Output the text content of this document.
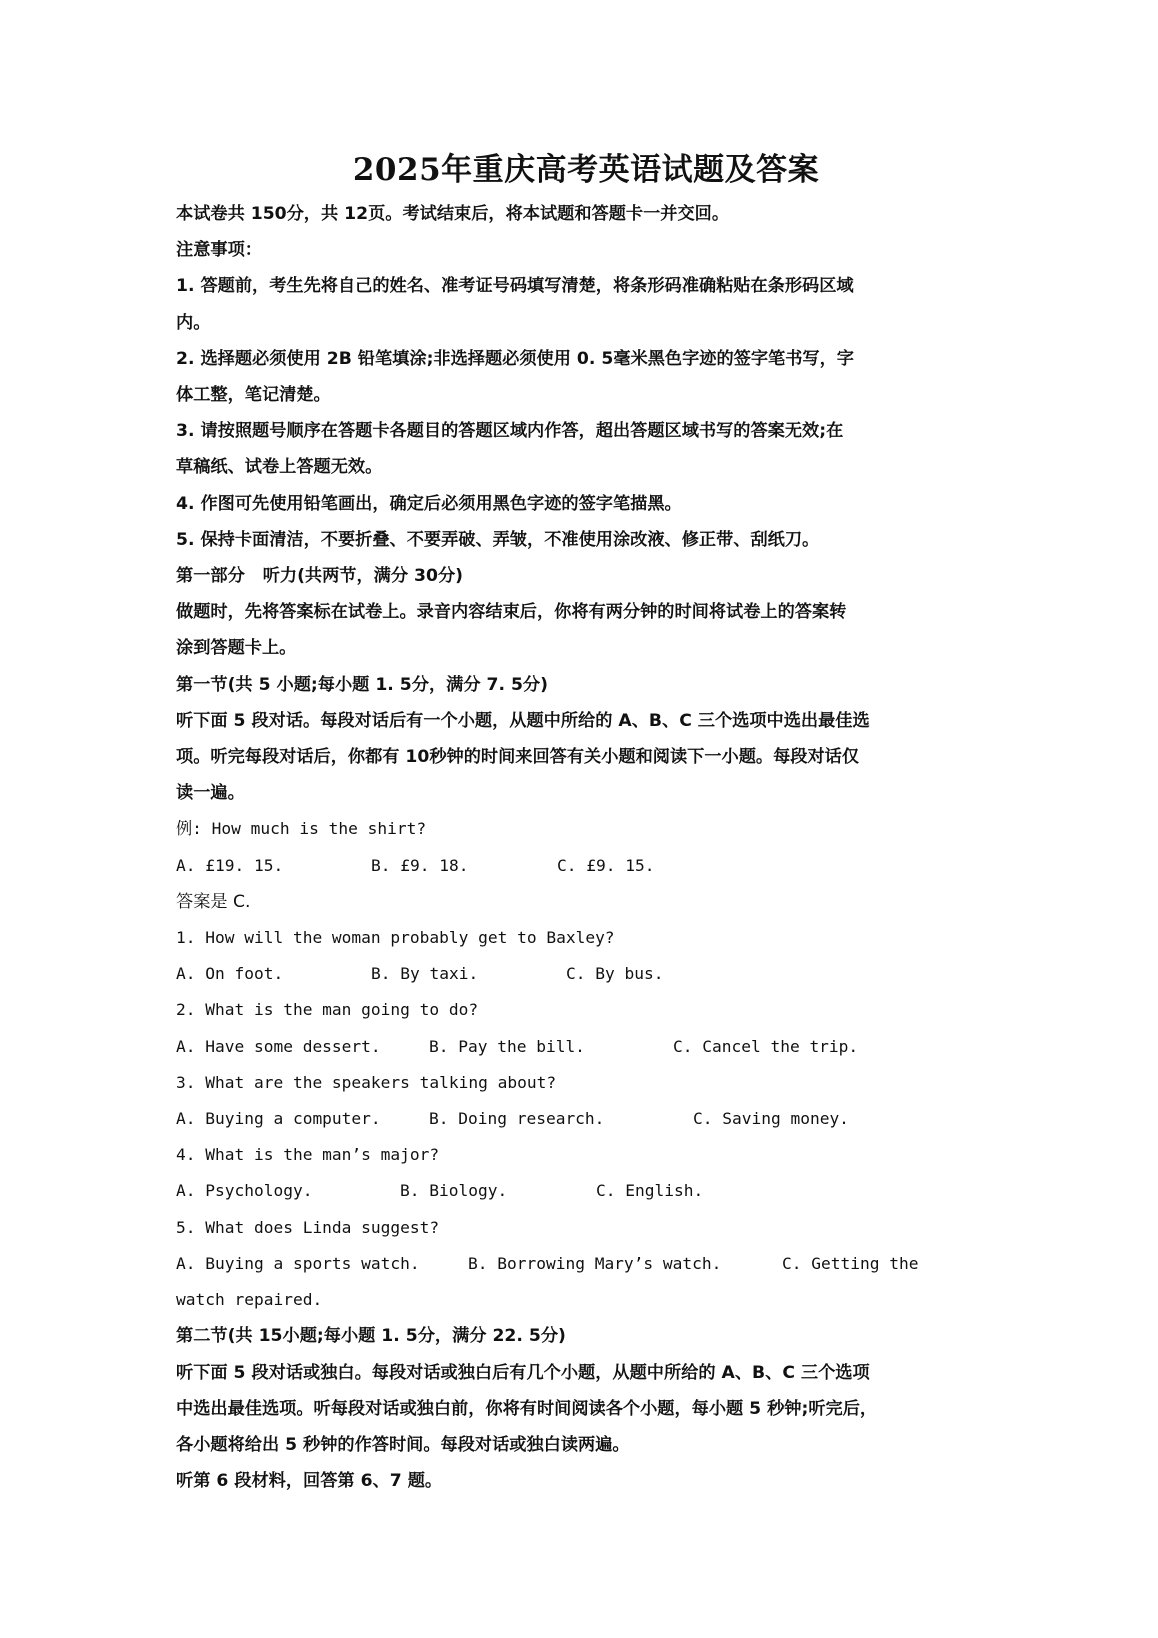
2025年重庆高考英语试题及答案

本试卷共 150分，共 12页。考试结束后，将本试题和答题卡一并交回。

注意事项：

1. 答题前，考生先将自己的姓名、准考证号码填写清楚，将条形码准确粘贴在条形码区域

内。

2. 选择题必须使用 2B 铅笔填涂;非选择题必须使用 0. 5毫米黑色字迹的签字笔书写，字

体工整，笔记清楚。

3. 请按照题号顺序在答题卡各题目的答题区域内作答，超出答题区域书写的答案无效;在

草稿纸、试卷上答题无效。

4. 作图可先使用铅笔画出，确定后必须用黑色字迹的签字笔描黑。

5. 保持卡面清洁，不要折叠、不要弄破、弄皱，不准使用涂改液、修正带、刮纸刀。

第一部分   听力(共两节，满分 30分)

做题时，先将答案标在试卷上。录音内容结束后，你将有两分钟的时间将试卷上的答案转

涂到答题卡上。

第一节(共 5 小题;每小题 1. 5分，满分 7. 5分)

听下面 5 段对话。每段对话后有一个小题，从题中所给的 A、B、C 三个选项中选出最佳选

项。听完每段对话后，你都有 10秒钟的时间来回答有关小题和阅读下一小题。每段对话仅

读一遍。

例: How much is the shirt?

A. £19. 15.	B. £9. 18.	C. £9. 15.

答案是 C.

1. How will the woman probably get to Baxley?

A. On foot.	B. By taxi.	C. By bus.

2. What is the man going to do?

A. Have some dessert.	B. Pay the bill.	C. Cancel the trip.

3. What are the speakers talking about?

A. Buying a computer.	B. Doing research.	C. Saving money.

4. What is the man’s major?

A. Psychology.	B. Biology.	C. English.

5. What does Linda suggest?

A. Buying a sports watch.	B. Borrowing Mary’s watch.	C. Getting the

watch repaired.

第二节(共 15小题;每小题 1. 5分，满分 22. 5分)

听下面 5 段对话或独白。每段对话或独白后有几个小题，从题中所给的 A、B、C 三个选项

中选出最佳选项。听每段对话或独白前，你将有时间阅读各个小题，每小题 5 秒钟;听完后，

各小题将给出 5 秒钟的作答时间。每段对话或独白读两遍。

听第 6 段材料，回答第 6、7 题。
